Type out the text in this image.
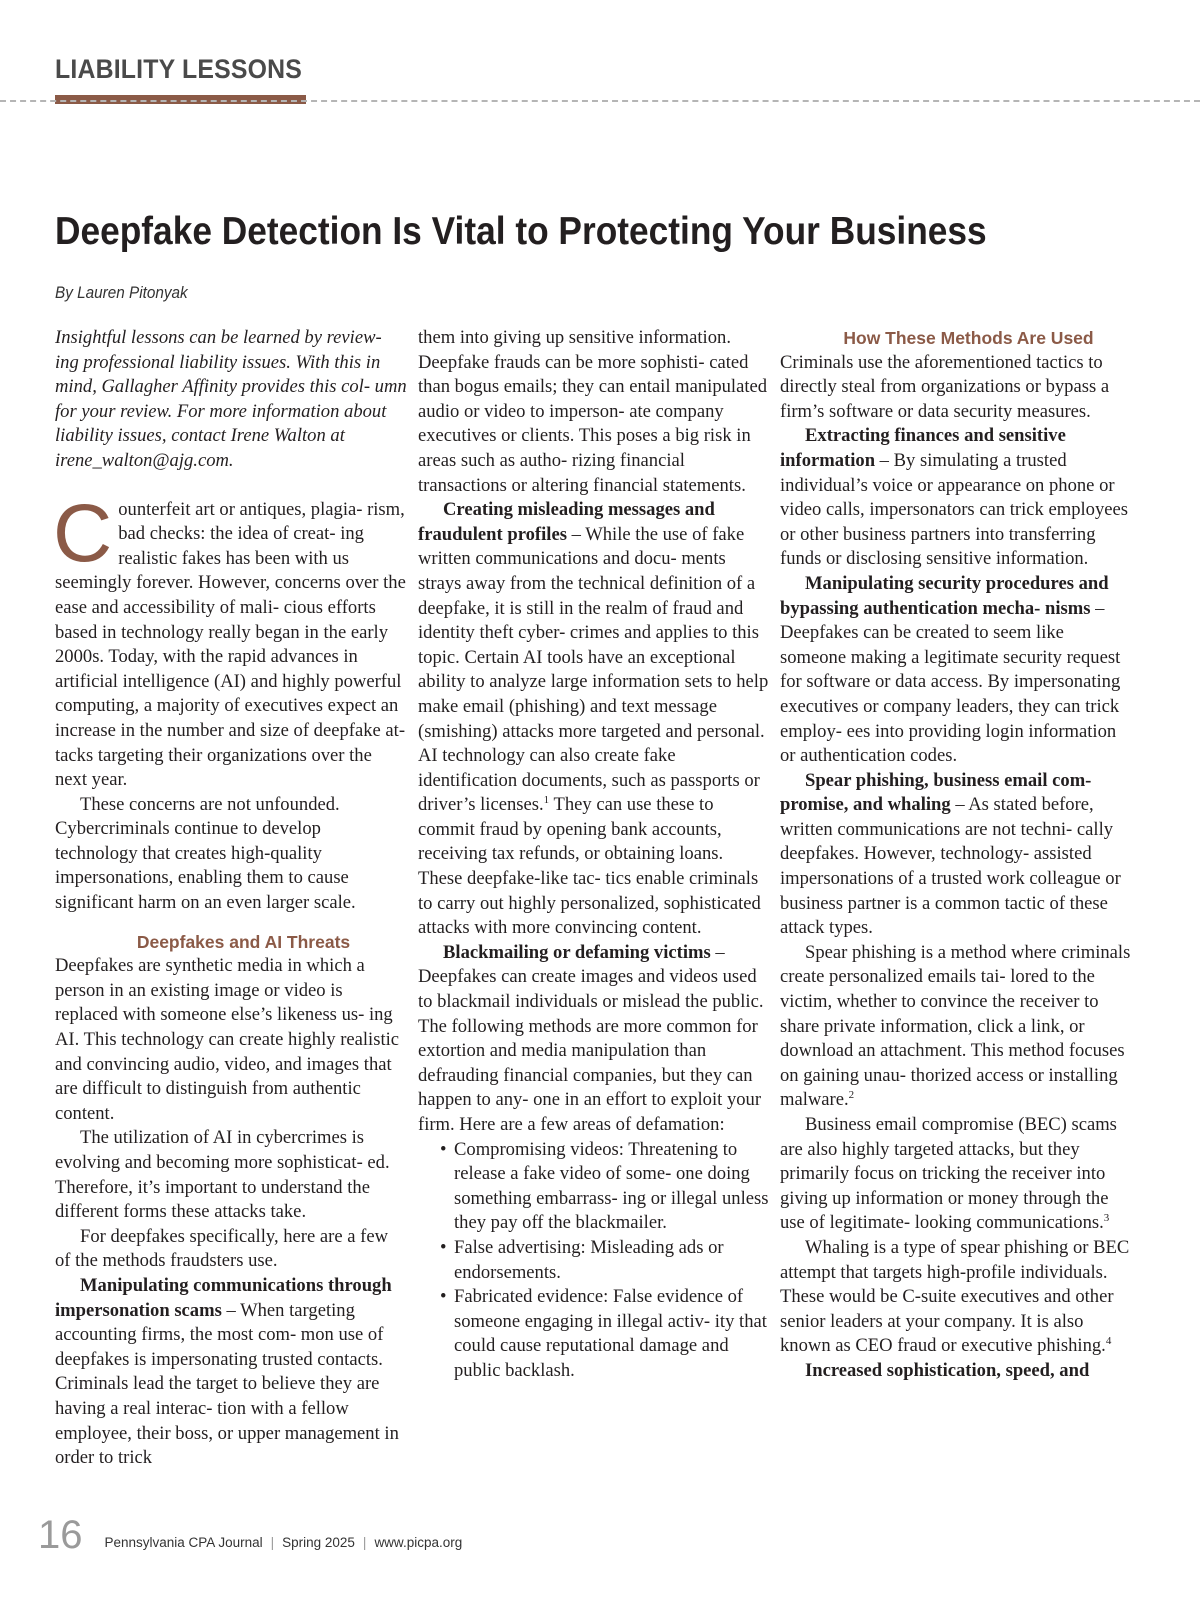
LIABILITY LESSONS
Deepfake Detection Is Vital to Protecting Your Business
By Lauren Pitonyak

Insightful lessons can be learned by review- ing professional liability issues. With this in mind, Gallagher Affinity provides this col- umn for your review. For more information about liability issues, contact Irene Walton at irene_walton@ajg.com.

Counterfeit art or antiques, plagia- rism, bad checks: the idea of creat- ing realistic fakes has been with us seemingly forever. However, concerns over the ease and accessibility of mali- cious efforts based in technology really began in the early 2000s. Today, with the rapid advances in artificial intelligence (AI) and highly powerful computing, a majority of executives expect an increase in the number and size of deepfake at- tacks targeting their organizations over the next year.

These concerns are not unfounded. Cybercriminals continue to develop technology that creates high-quality impersonations, enabling them to cause significant harm on an even larger scale.

Deepfakes and AI Threats

Deepfakes are synthetic media in which a person in an existing image or video is replaced with someone else’s likeness us- ing AI. This technology can create highly realistic and convincing audio, video, and images that are difficult to distinguish from authentic content.

The utilization of AI in cybercrimes is evolving and becoming more sophisticat- ed. Therefore, it’s important to understand the different forms these attacks take.

For deepfakes specifically, here are a few of the methods fraudsters use.

Manipulating communications through impersonation scams – When targeting accounting firms, the most com- mon use of deepfakes is impersonating trusted contacts. Criminals lead the target to believe they are having a real interac- tion with a fellow employee, their boss, or upper management in order to trick

them into giving up sensitive information. Deepfake frauds can be more sophisti- cated than bogus emails; they can entail manipulated audio or video to imperson- ate company executives or clients. This poses a big risk in areas such as autho- rizing financial transactions or altering financial statements.

Creating misleading messages and fraudulent profiles – While the use of fake written communications and docu- ments strays away from the technical definition of a deepfake, it is still in the realm of fraud and identity theft cyber- crimes and applies to this topic. Certain AI tools have an exceptional ability to analyze large information sets to help make email (phishing) and text message (smishing) attacks more targeted and personal. AI technology can also create fake identification documents, such as passports or driver’s licenses.$^1$ They can use these to commit fraud by opening bank accounts, receiving tax refunds, or obtaining loans. These deepfake-like tac- tics enable criminals to carry out highly personalized, sophisticated attacks with more convincing content.

Blackmailing or defaming victims – Deepfakes can create images and videos used to blackmail individuals or mislead the public. The following methods are more common for extortion and media manipulation than defrauding financial companies, but they can happen to any- one in an effort to exploit your firm. Here are a few areas of defamation:

• Compromising videos: Threatening to release a fake video of some- one doing something embarrass- ing or illegal unless they pay off the blackmailer.
• False advertising: Misleading ads or endorsements.
• Fabricated evidence: False evidence of someone engaging in illegal activ- ity that could cause reputational damage and public backlash.

How These Methods Are Used

Criminals use the aforementioned tactics to directly steal from organizations or bypass a firm’s software or data security measures.

Extracting finances and sensitive information – By simulating a trusted individual’s voice or appearance on phone or video calls, impersonators can trick employees or other business partners into transferring funds or disclosing sensitive information.

Manipulating security procedures and bypassing authentication mecha- nisms – Deepfakes can be created to seem like someone making a legitimate security request for software or data access. By impersonating executives or company leaders, they can trick employ- ees into providing login information or authentication codes.

Spear phishing, business email com- promise, and whaling – As stated before, written communications are not techni- cally deepfakes. However, technology- assisted impersonations of a trusted work colleague or business partner is a common tactic of these attack types.

Spear phishing is a method where criminals create personalized emails tai- lored to the victim, whether to convince the receiver to share private information, click a link, or download an attachment. This method focuses on gaining unau- thorized access or installing malware.$^2$

Business email compromise (BEC) scams are also highly targeted attacks, but they primarily focus on tricking the receiver into giving up information or money through the use of legitimate- looking communications.$^3$

Whaling is a type of spear phishing or BEC attempt that targets high-profile individuals. These would be C-suite executives and other senior leaders at your company. It is also known as CEO fraud or executive phishing.$^4$

Increased sophistication, speed, and

16 Pennsylvania CPA Journal | Spring 2025 | www.picpa.org
